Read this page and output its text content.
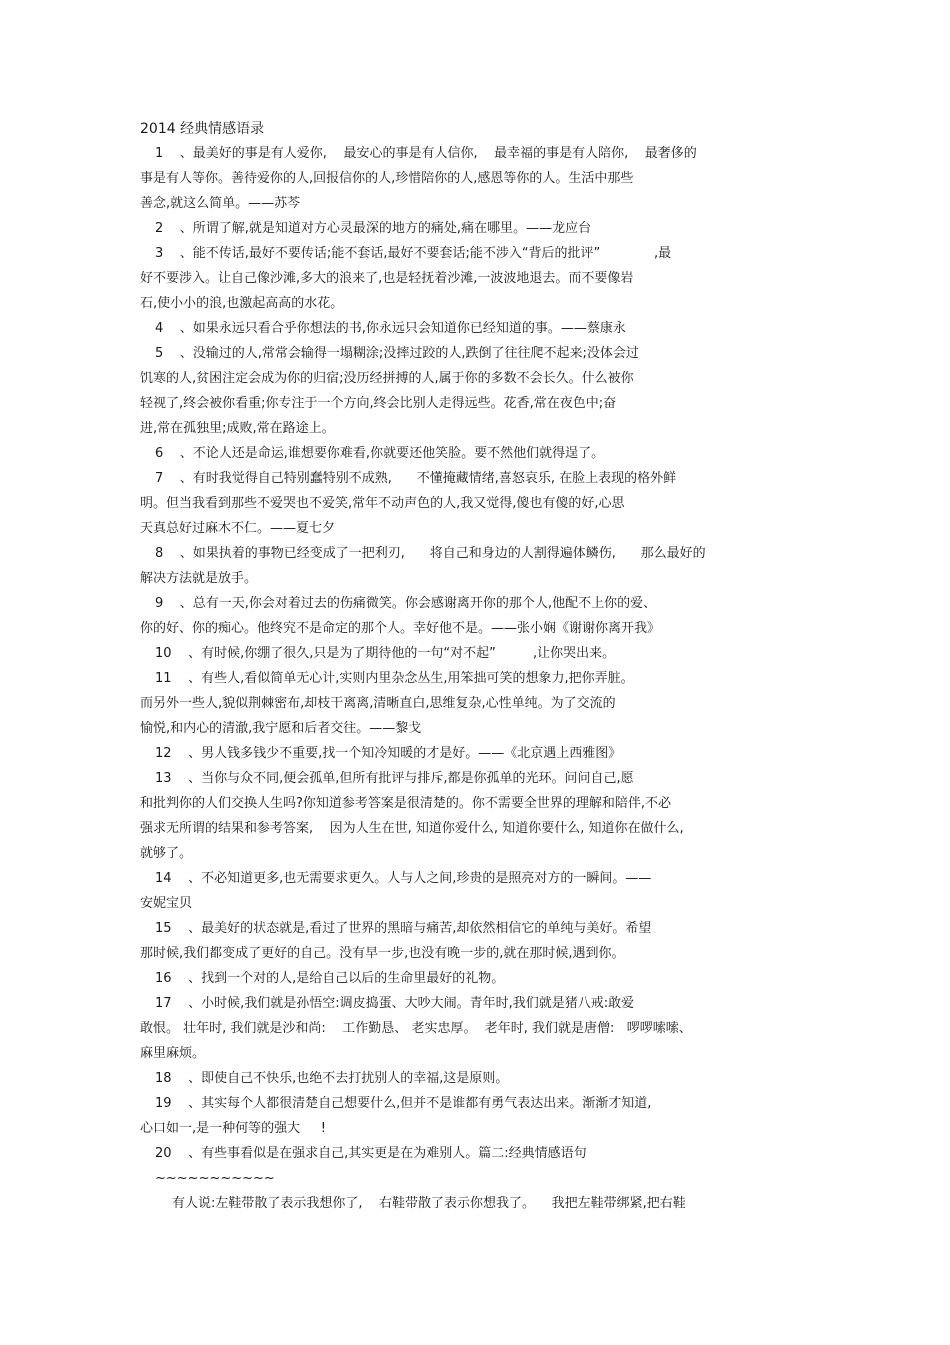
2014 经典情感语录
1    、最美好的事是有人爱你,    最安心的事是有人信你,    最幸福的事是有人陪你,    最奢侈的
事是有人等你。善待爱你的人,回报信你的人,珍惜陪你的人,感恩等你的人。生活中那些
善念,就这么简单。——苏芩
2    、所谓了解,就是知道对方心灵最深的地方的痛处,痛在哪里。——龙应台
3    、能不传话,最好不要传话;能不套话,最好不要套话;能不涉入“背后的批评”             ,最
好不要涉入。让自己像沙滩,多大的浪来了,也是轻抚着沙滩,一波波地退去。而不要像岩
石,使小小的浪,也激起高高的水花。
4    、如果永远只看合乎你想法的书,你永远只会知道你已经知道的事。——蔡康永
5    、没输过的人,常常会输得一塌糊涂;没摔过跤的人,跌倒了往往爬不起来;没体会过
饥寒的人,贫困注定会成为你的归宿;没历经拼搏的人,属于你的多数不会长久。什么被你
轻视了,终会被你看重;你专注于一个方向,终会比别人走得远些。花香,常在夜色中;奋
进,常在孤独里;成败,常在路途上。
6    、不论人还是命运,谁想要你难看,你就要还他笑脸。要不然他们就得逞了。
7    、有时我觉得自己特别蠢特别不成熟,      不懂掩藏情绪,喜怒哀乐, 在脸上表现的格外鲜
明。但当我看到那些不爱哭也不爱笑,常年不动声色的人,我又觉得,傻也有傻的好,心思
天真总好过麻木不仁。——夏七夕
8    、如果执着的事物已经变成了一把利刃,      将自己和身边的人割得遍体鳞伤,      那么最好的
解决方法就是放手。
9    、总有一天,你会对着过去的伤痛微笑。你会感谢离开你的那个人,他配不上你的爱、
你的好、你的痴心。他终究不是命定的那个人。幸好他不是。——张小娴《谢谢你离开我》
10    、有时候,你绷了很久,只是为了期待他的一句“对不起”         ,让你哭出来。
11    、有些人,看似简单无心计,实则内里杂念丛生,用笨拙可笑的想象力,把你弄脏。
而另外一些人,貌似荆棘密布,却枝干离离,清晰直白,思维复杂,心性单纯。为了交流的
愉悦,和内心的清澈,我宁愿和后者交往。——黎戈
12    、男人钱多钱少不重要,找一个知冷知暖的才是好。——《北京遇上西雅图》
13    、当你与众不同,便会孤单,但所有批评与排斥,都是你孤单的光环。问问自己,愿
和批判你的人们交换人生吗?你知道参考答案是很清楚的。你不需要全世界的理解和陪伴,不必
强求无所谓的结果和参考答案,    因为人生在世, 知道你爱什么, 知道你要什么, 知道你在做什么,
就够了。
14    、不必知道更多,也无需要求更久。人与人之间,珍贵的是照亮对方的一瞬间。——
安妮宝贝
15    、最美好的状态就是,看过了世界的黑暗与痛苦,却依然相信它的单纯与美好。希望
那时候,我们都变成了更好的自己。没有早一步,也没有晚一步的,就在那时候,遇到你。
16    、找到一个对的人,是给自己以后的生命里最好的礼物。
17    、小时候,我们就是孙悟空:调皮捣蛋、大吵大闹。青年时,我们就是猪八戒:敢爱
敢恨。 壮年时, 我们就是沙和尚:    工作勤恳、 老实忠厚。  老年时, 我们就是唐僧:   啰啰嗦嗦、
麻里麻烦。
18    、即使自己不快乐,也绝不去打扰别人的幸福,这是原则。
19    、其实每个人都很清楚自己想要什么,但并不是谁都有勇气表达出来。渐渐才知道,
心口如一,是一种何等的强大     !
20    、有些事看似是在强求自己,其实更是在为难别人。篇二:经典情感语句
~~~~~~~~~~~
有人说:左鞋带散了表示我想你了,    右鞋带散了表示你想我了。    我把左鞋带绑紧,把右鞋
